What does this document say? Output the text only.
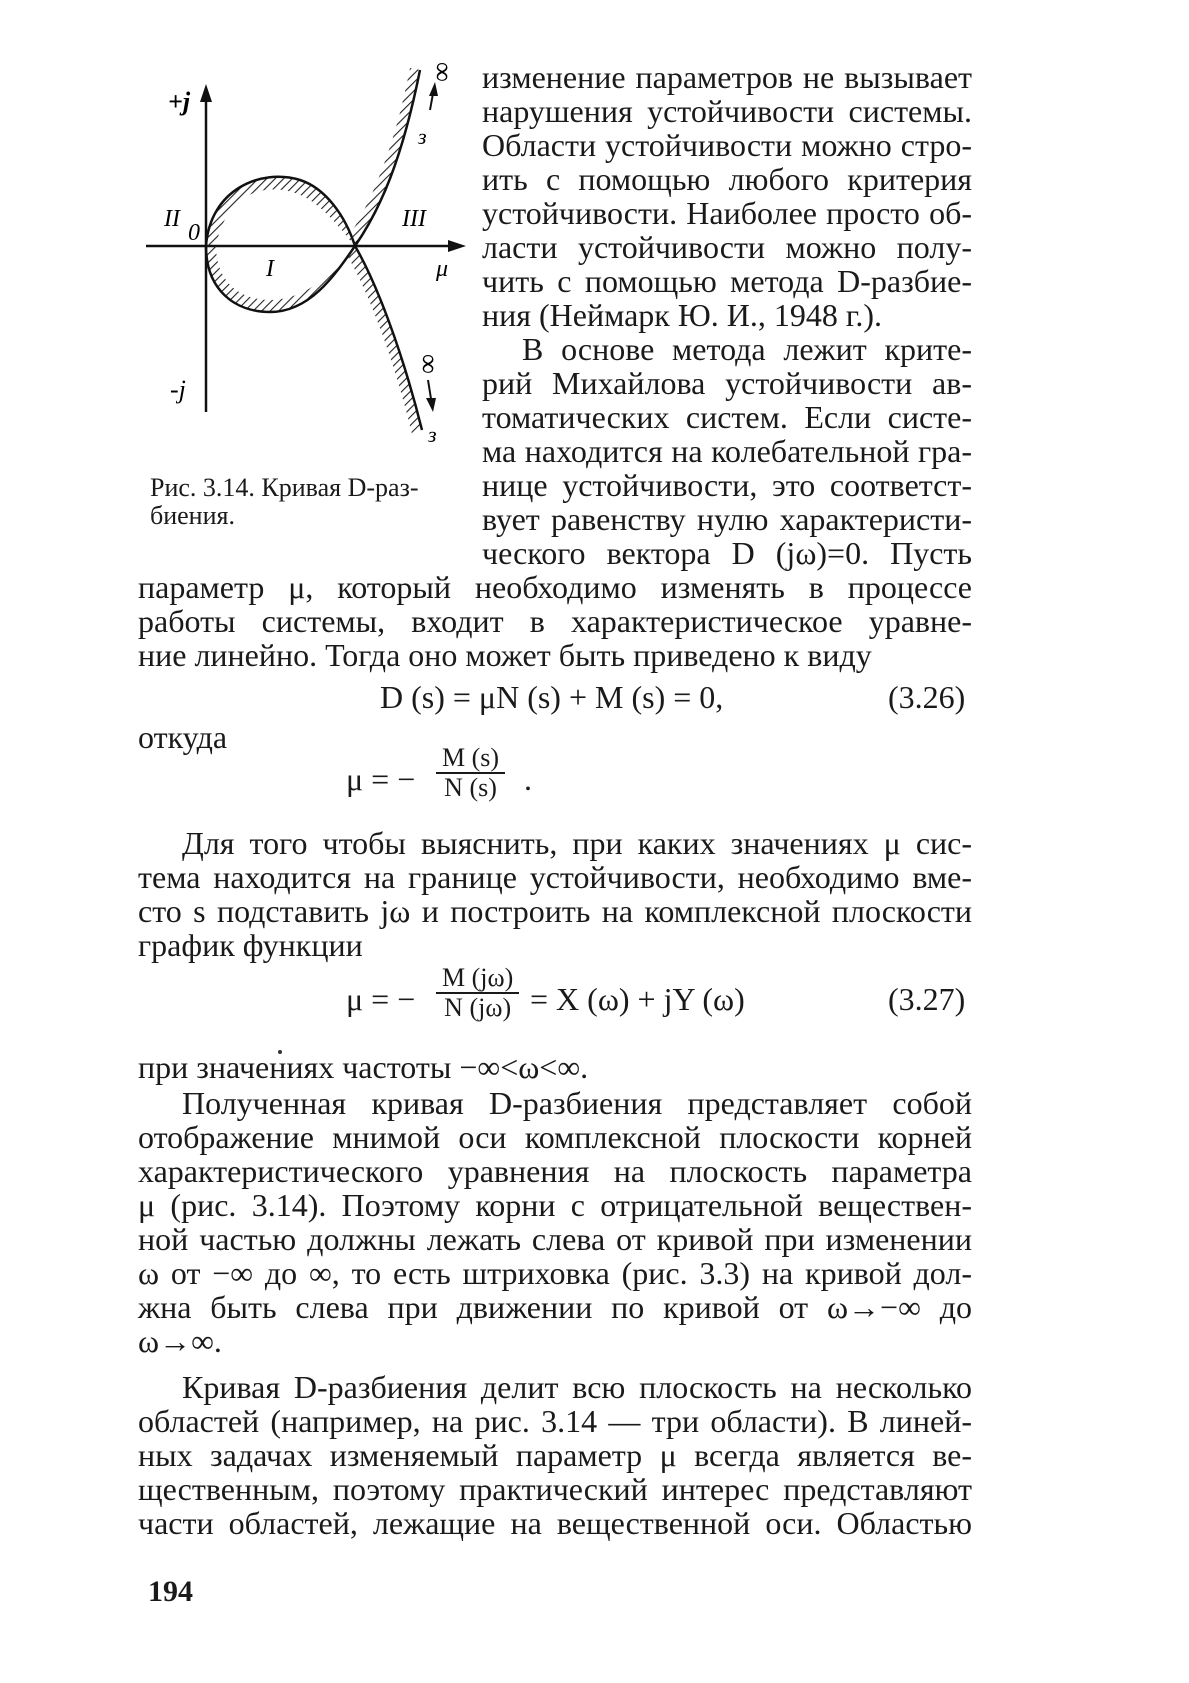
+j
-j
0
μ
II
I
III
∞
з
∞
з
Рис. 3.14. Кривая D-раз-
биения.
изменение параметров не вызывает
нарушения устойчивости системы.
Области устойчивости можно стро-
ить с помощью любого критерия
устойчивости. Наиболее просто об-
ласти устойчивости можно полу-
чить с помощью метода D-разбие-
ния (Неймарк Ю. И., 1948 г.).
В основе метода лежит крите-
рий Михайлова устойчивости ав-
томатических систем. Если систе-
ма находится на колебательной гра-
нице устойчивости, это соответст-
вует равенству нулю характеристи-
ческого вектора D (jω)=0. Пусть
параметр μ, который необходимо изменять в процессе
работы системы, входит в характеристическое уравне-
ние линейно. Тогда оно может быть приведено к виду
D (s) = μN (s) + M (s) = 0,	(3.26)
откуда
μ = − $\frac{M (s)}{N (s)}$ .
Для того чтобы выяснить, при каких значениях μ сис-
тема находится на границе устойчивости, необходимо вме-
сто s подставить jω и построить на комплексной плоскости
график функции
μ = − $\frac{M (j\omega)}{N (j\omega)} = X$ (ω) + jY (ω)	(3.27)
при значениях частоты −∞<ω<∞.
Полученная кривая D-разбиения представляет собой
отображение мнимой оси комплексной плоскости корней
характеристического уравнения на плоскость параметра
μ (рис. 3.14). Поэтому корни с отрицательной веществен-
ной частью должны лежать слева от кривой при изменении
ω от −∞ до ∞, то есть штриховка (рис. 3.3) на кривой дол-
жна быть слева при движении по кривой от ω→−∞ до
ω→∞.
Кривая D-разбиения делит всю плоскость на несколько
областей (например, на рис. 3.14 — три области). В линей-
ных задачах изменяемый параметр μ всегда является ве-
щественным, поэтому практический интерес представляют
части областей, лежащие на вещественной оси. Областью
194
